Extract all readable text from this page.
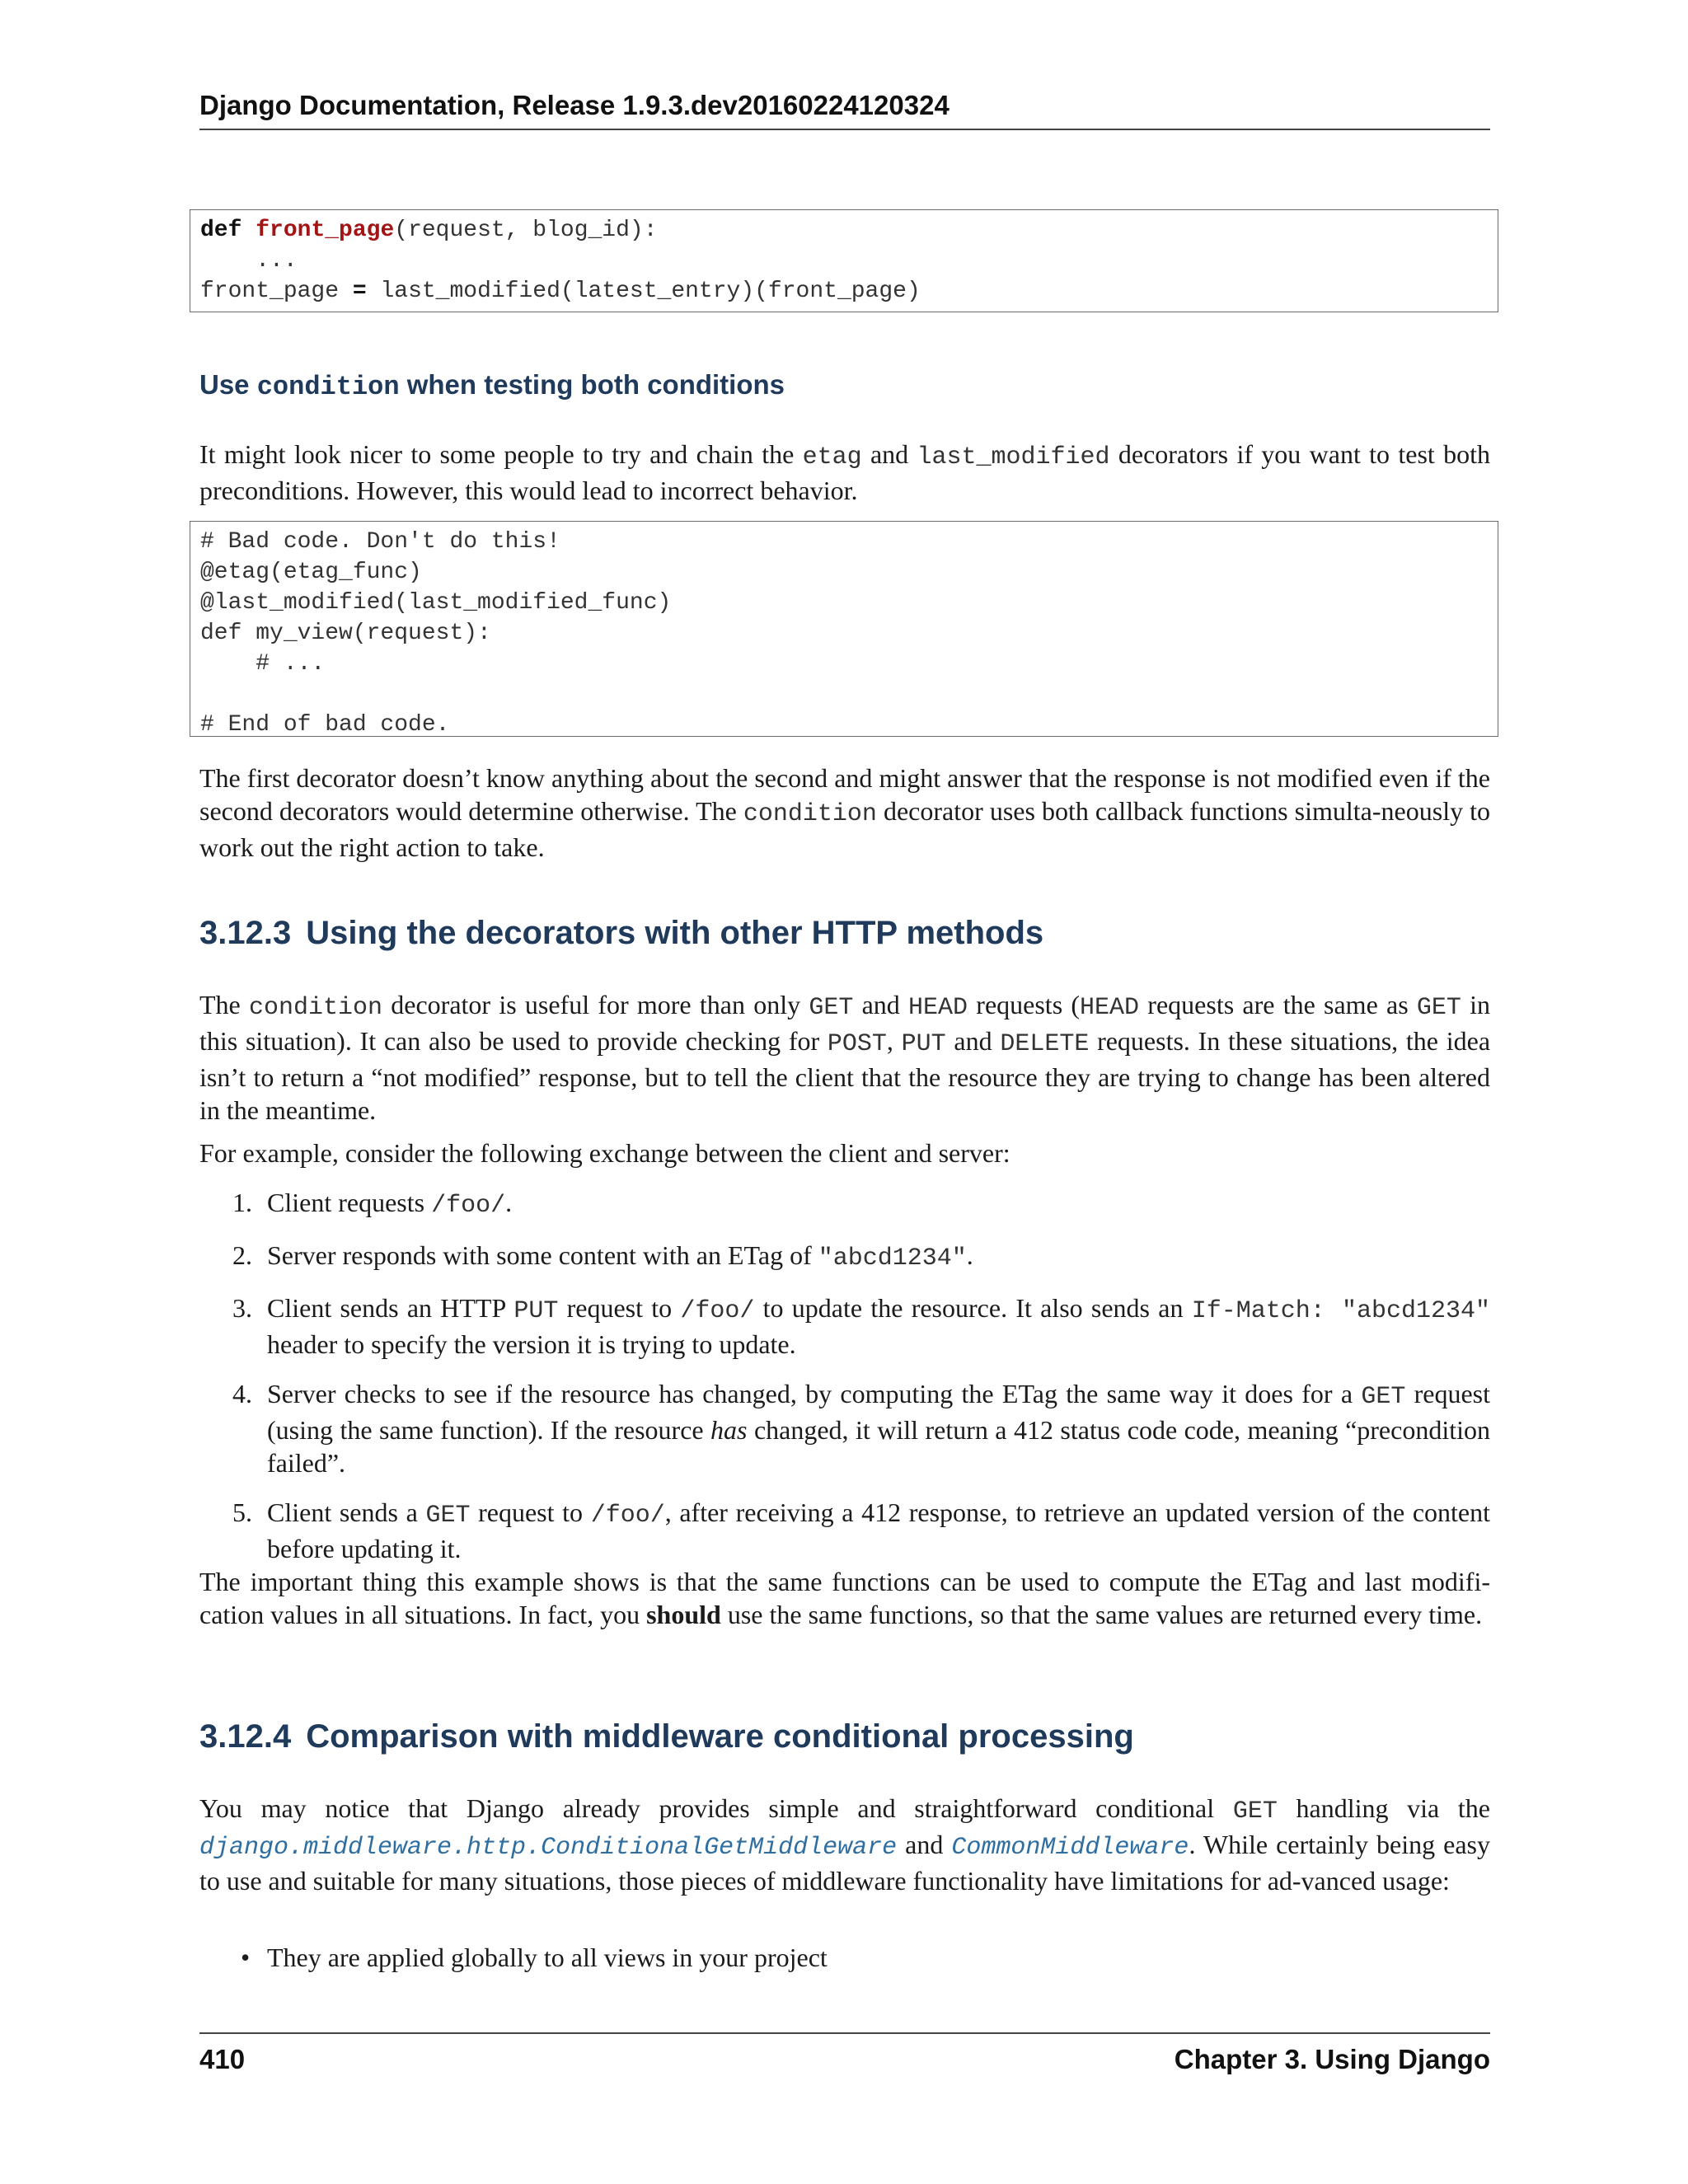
Django Documentation, Release 1.9.3.dev20160224120324
def front_page(request, blog_id):
...
front_page = last_modified(latest_entry)(front_page)
Use condition when testing both conditions
It might look nicer to some people to try and chain the etag and last_modified decorators if you want to test both preconditions. However, this would lead to incorrect behavior.
# Bad code. Don't do this!
@etag(etag_func)
@last_modified(last_modified_func)
def my_view(request):
# ...

# End of bad code.
The first decorator doesn’t know anything about the second and might answer that the response is not modified even if the second decorators would determine otherwise. The condition decorator uses both callback functions simulta-neously to work out the right action to take.
3.12.3 Using the decorators with other HTTP methods
The condition decorator is useful for more than only GET and HEAD requests (HEAD requests are the same as GET in this situation). It can also be used to provide checking for POST, PUT and DELETE requests. In these situations, the idea isn’t to return a “not modified” response, but to tell the client that the resource they are trying to change has been altered in the meantime.
For example, consider the following exchange between the client and server:
1. Client requests /foo/.
2. Server responds with some content with an ETag of "abcd1234".
3. Client sends an HTTP PUT request to /foo/ to update the resource. It also sends an If-Match: "abcd1234" header to specify the version it is trying to update.
4. Server checks to see if the resource has changed, by computing the ETag the same way it does for a GET request (using the same function). If the resource has changed, it will return a 412 status code code, meaning “precondition failed”.
5. Client sends a GET request to /foo/, after receiving a 412 response, to retrieve an updated version of the content before updating it.
The important thing this example shows is that the same functions can be used to compute the ETag and last modifi-cation values in all situations. In fact, you should use the same functions, so that the same values are returned every time.
3.12.4 Comparison with middleware conditional processing
You may notice that Django already provides simple and straightforward conditional GET handling via the django.middleware.http.ConditionalGetMiddleware and CommonMiddleware. While certainly being easy to use and suitable for many situations, those pieces of middleware functionality have limitations for ad-vanced usage:
• They are applied globally to all views in your project
410	Chapter 3. Using Django
